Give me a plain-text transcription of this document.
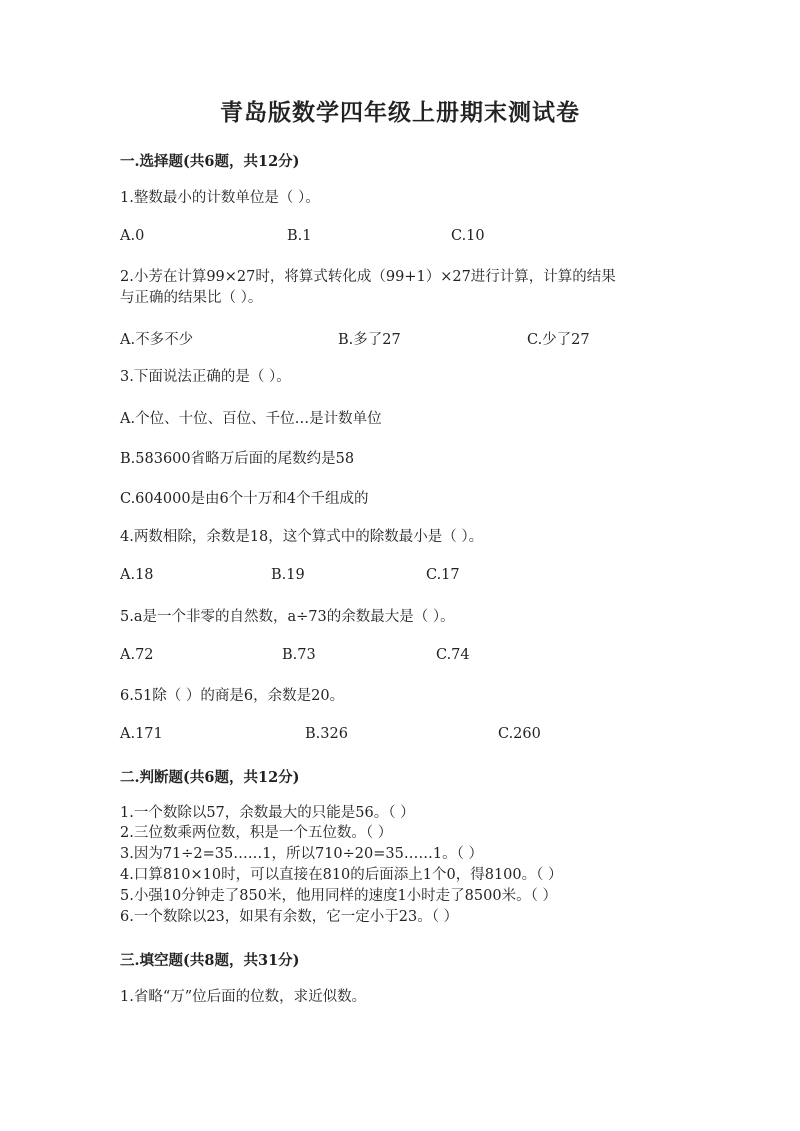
青岛版数学四年级上册期末测试卷
一.选择题(共6题，共12分)
1.整数最小的计数单位是（ ）。
A.0	B.1	C.10
2.小芳在计算99×27时，将算式转化成（99+1）×27进行计算，计算的结果
与正确的结果比（ ）。
A.不多不少	B.多了27	C.少了27
3.下面说法正确的是（ ）。
A.个位、十位、百位、千位…是计数单位
B.583600省略万后面的尾数约是58
C.604000是由6个十万和4个千组成的
4.两数相除，余数是18，这个算式中的除数最小是（ ）。
A.18	B.19	C.17
5.a是一个非零的自然数，a÷73的余数最大是（ ）。
A.72	B.73	C.74
6.51除（ ）的商是6，余数是20。
A.171	B.326	C.260
二.判断题(共6题，共12分)
1.一个数除以57，余数最大的只能是56。（ ）
2.三位数乘两位数，积是一个五位数。（ ）
3.因为71÷2=35……1，所以710÷20=35……1。（ ）
4.口算810×10时，可以直接在810的后面添上1个0，得8100。（ ）
5.小强10分钟走了850米，他用同样的速度1小时走了8500米。（ ）
6.一个数除以23，如果有余数，它一定小于23。（ ）
三.填空题(共8题，共31分)
1.省略“万”位后面的位数，求近似数。
